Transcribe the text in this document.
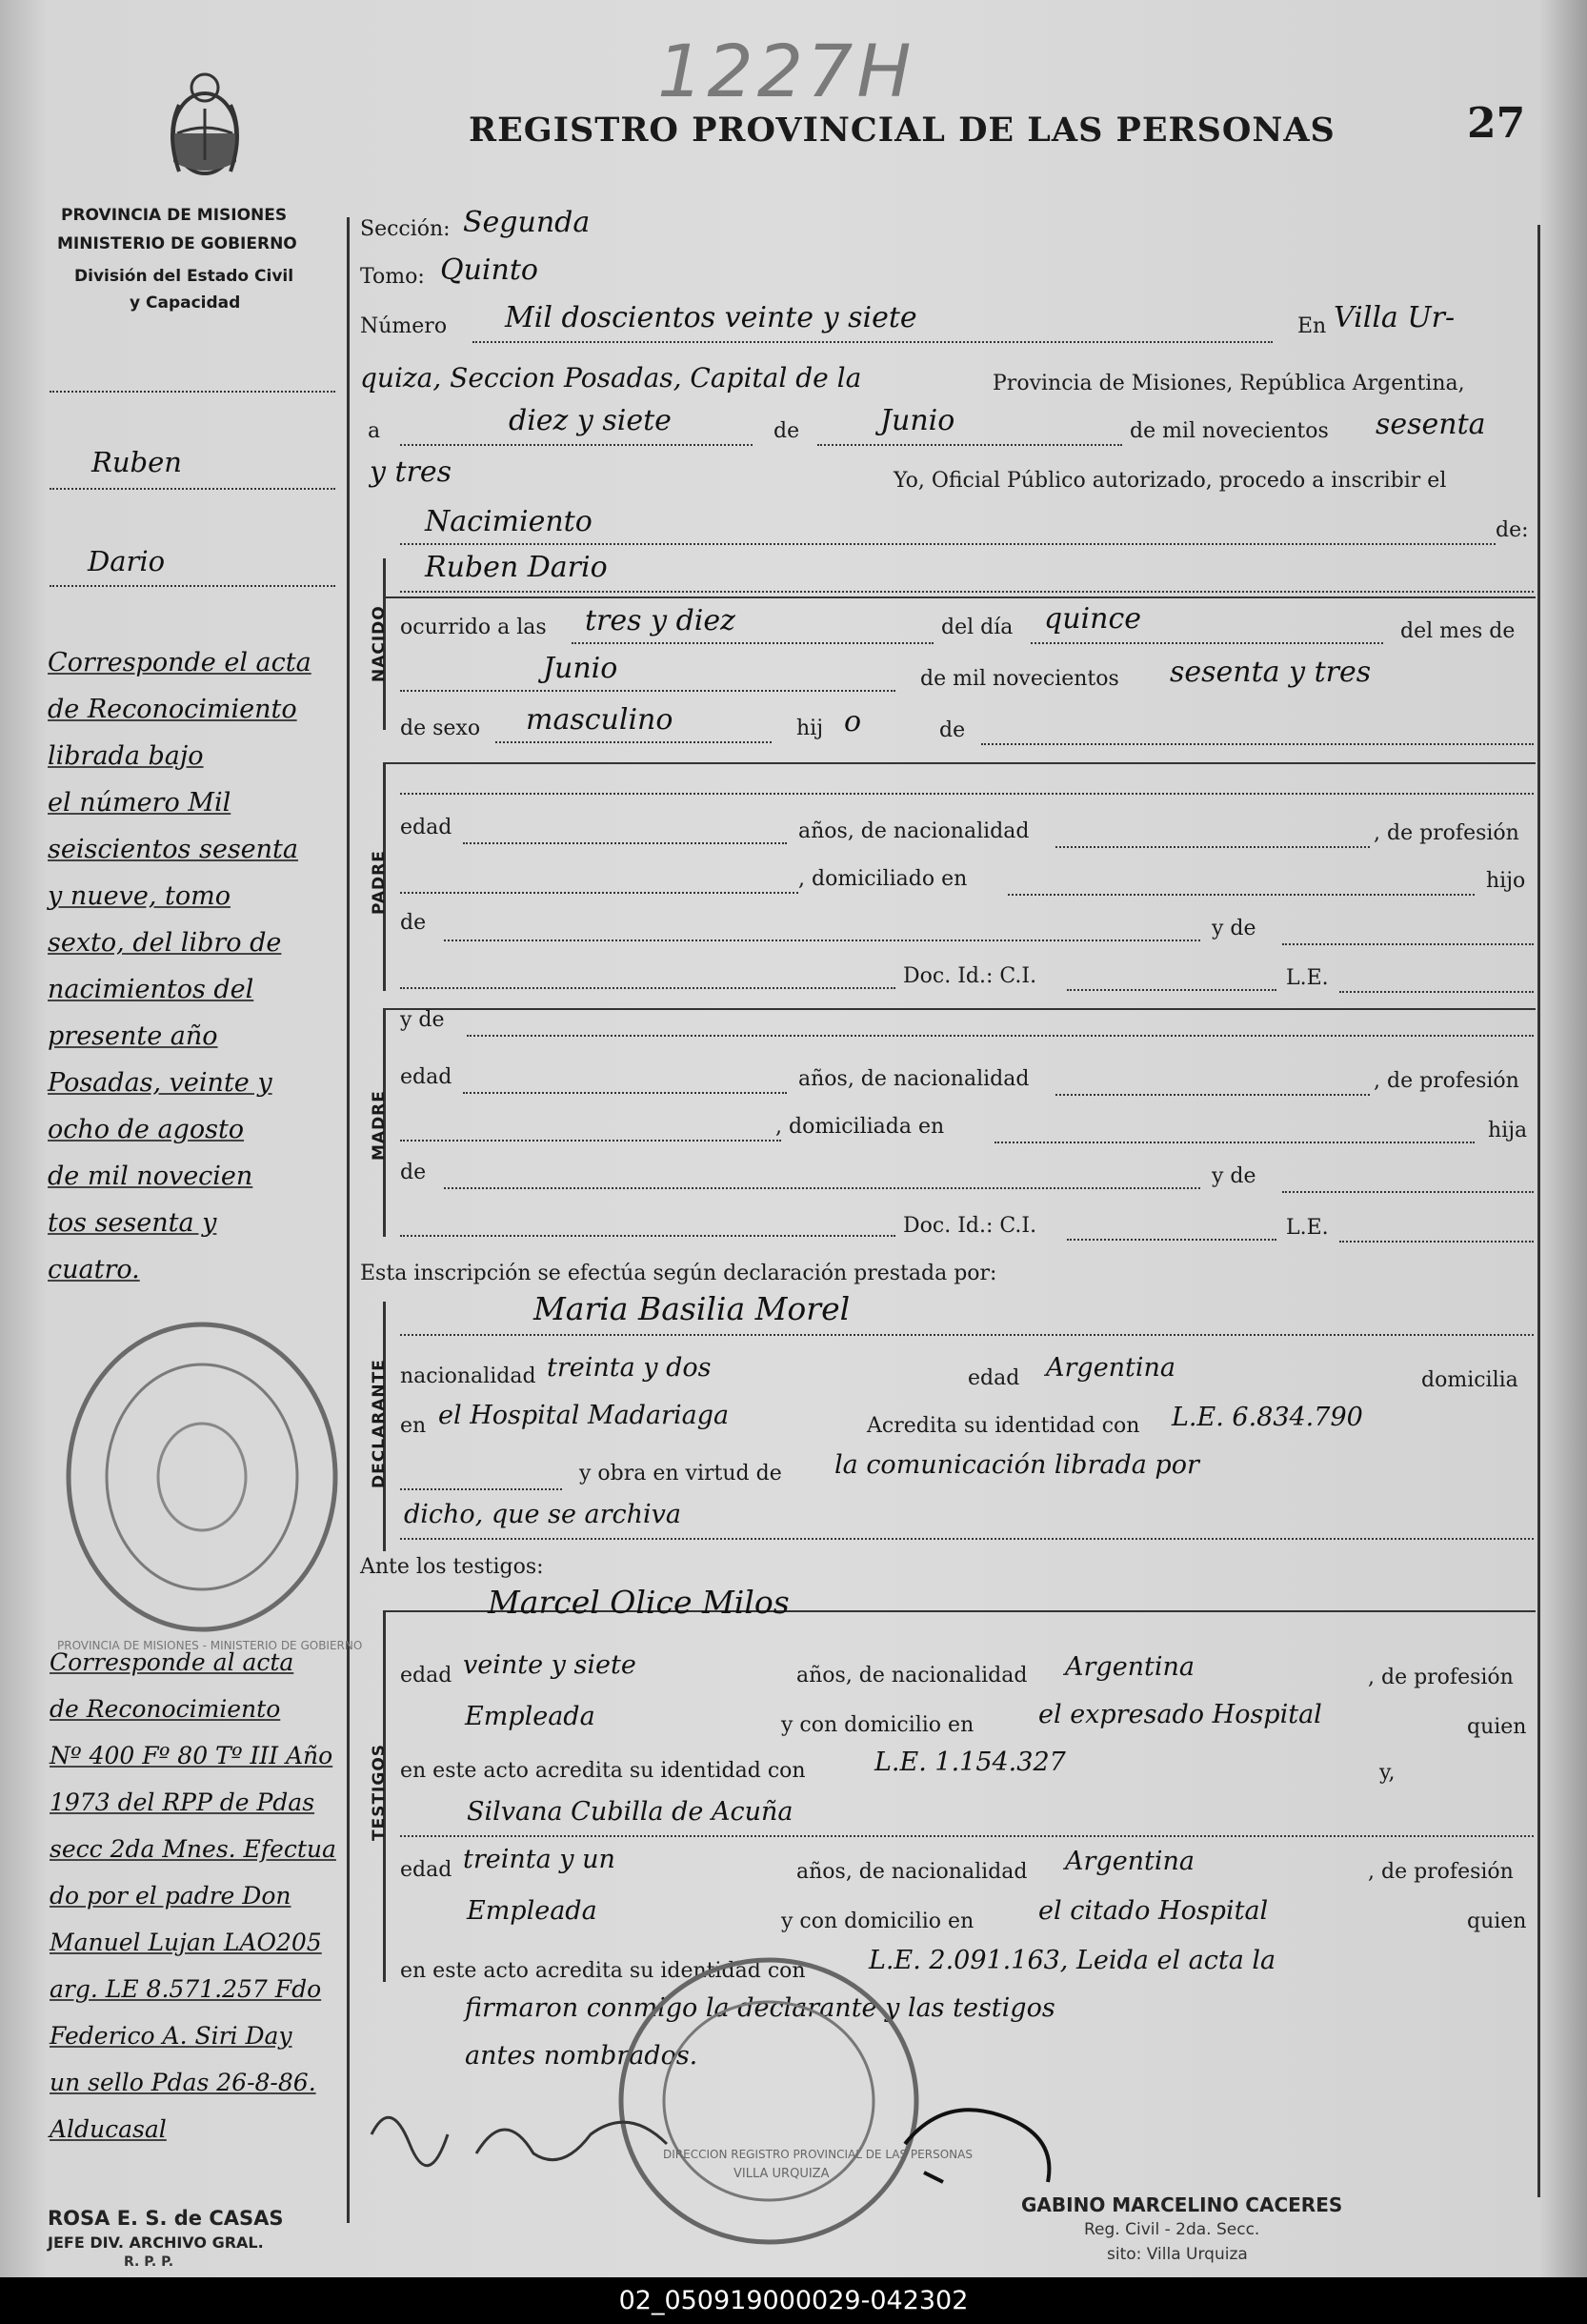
1227H
REGISTRO PROVINCIAL DE LAS PERSONAS	27
PROVINCIA DE MISIONES
MINISTERIO DE GOBIERNO
División del Estado Civil
y Capacidad
NACIDO
PADRE
MADRE
DECLARANTE
TESTIGOS
Sección: Segunda
Tomo: Quinto
Número Mil doscientos veinte y siete	En Villa Ur-
quiza, Seccion Posadas, Capital de la	Provincia de Misiones, República Argentina,
a	diez y siete	de	Junio	de mil novecientos sesenta
y tres	Yo, Oficial Público autorizado, procedo a inscribir el
Nacimiento	de:
Ruben Dario
ocurrido a las tres y diez	del día quince	del mes de
Junio	de mil novecientos sesenta y tres
de sexo masculino	hij o	de
edad	años, de nacionalidad	, de profesión
, domiciliado en	hijo
de	y de
Doc. Id.: C.I.	L.E.
y de
edad	años, de nacionalidad	, de profesión
, domiciliada en	hija
de	y de
Doc. Id.: C.I.	L.E.
Esta inscripción se efectúa según declaración prestada por:
Maria Basilia Morel
nacionalidad treinta y dos	edad Argentina	domicilia
en el Hospital Madariaga	Acredita su identidad con L.E. 6.834.790
y obra en virtud de la comunicación librada por
dicho, que se archiva
Ante los testigos:
Marcel Olice Milos
edad veinte y siete	años, de nacionalidad Argentina	, de profesión
Empleada	y con domicilio en	el expresado Hospital	quien
en este acto acredita su identidad con	L.E. 1.154.327	y,
Silvana Cubilla de Acuña
edad treinta y un	años, de nacionalidad Argentina	, de profesión
Empleada	y con domicilio en	el citado Hospital	quien
en este acto acredita su identidad con L.E. 2.091.163, Leida el acta la
firmaron conmigo la declarante y las testigos
antes nombrados.
Ruben
Dario
Corresponde el acta
de Reconocimiento
librada bajo
el número Mil
seiscientos sesenta
y nueve, tomo
sexto, del libro de
nacimientos del
presente año
Posadas, veinte y
ocho de agosto
de mil novecien
tos sesenta y
cuatro.
Corresponde al acta
de Reconocimiento
Nº 400 Fº 80 Tº III Año
1973 del RPP de Pdas
secc 2da Mnes. Efectua
do por el padre Don
Manuel Lujan LAO205
arg. LE 8.571.257 Fdo
Federico A. Siri Day
un sello Pdas 26-8-86.
Alducasal
PROVINCIA DE MISIONES - MINISTERIO DE GOBIERNO
DIRECCION REGISTRO PROVINCIAL DE LAS PERSONAS
VILLA URQUIZA
GABINO MARCELINO CACERES
Reg. Civil - 2da. Secc.
sito: Villa Urquiza
ROSA E. S. de CASAS
JEFE DIV. ARCHIVO GRAL.
R. P. P.
02_050919000029-042302
